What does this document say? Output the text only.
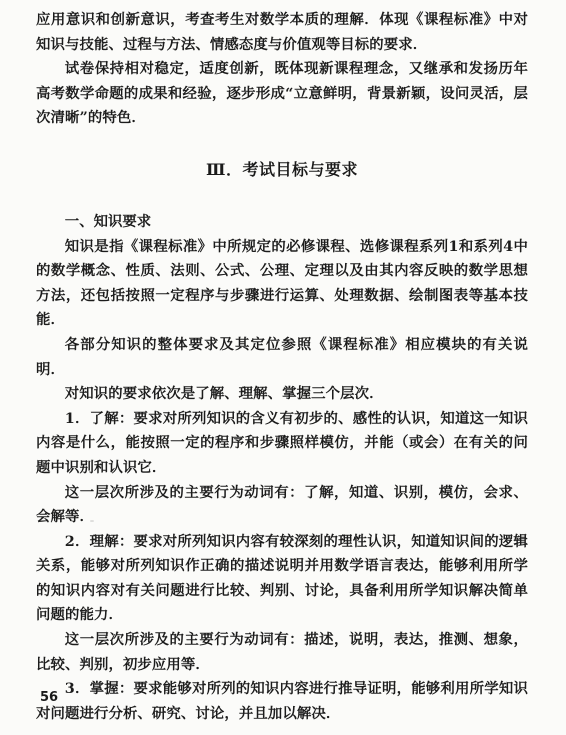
应用意识和创新意识，考查考生对数学本质的理解．体现《课程标准》中对知识与技能、过程与方法、情感态度与价值观等目标的要求．

试卷保持相对稳定，适度创新，既体现新课程理念，又继承和发扬历年高考数学命题的成果和经验，逐步形成“立意鲜明，背景新颖，设问灵活，层次清晰”的特色．

Ⅲ．考试目标与要求

一、知识要求

知识是指《课程标准》中所规定的必修课程、选修课程系列1和系列4中的数学概念、性质、法则、公式、公理、定理以及由其内容反映的数学思想方法，还包括按照一定程序与步骤进行运算、处理数据、绘制图表等基本技能．

各部分知识的整体要求及其定位参照《课程标准》相应模块的有关说明．

对知识的要求依次是了解、理解、掌握三个层次．

1．了解：要求对所列知识的含义有初步的、感性的认识，知道这一知识内容是什么，能按照一定的程序和步骤照样模仿，并能（或会）在有关的问题中识别和认识它．

这一层次所涉及的主要行为动词有：了解，知道、识别，模仿，会求、会解等．

2．理解：要求对所列知识内容有较深刻的理性认识，知道知识间的逻辑关系，能够对所列知识作正确的描述说明并用数学语言表达，能够利用所学的知识内容对有关问题进行比较、判别、讨论，具备利用所学知识解决简单问题的能力．

这一层次所涉及的主要行为动词有：描述，说明，表达，推测、想象，比较、判别，初步应用等．

3．掌握：要求能够对所列的知识内容进行推导证明，能够利用所学知识对问题进行分析、研究、讨论，并且加以解决．

56
